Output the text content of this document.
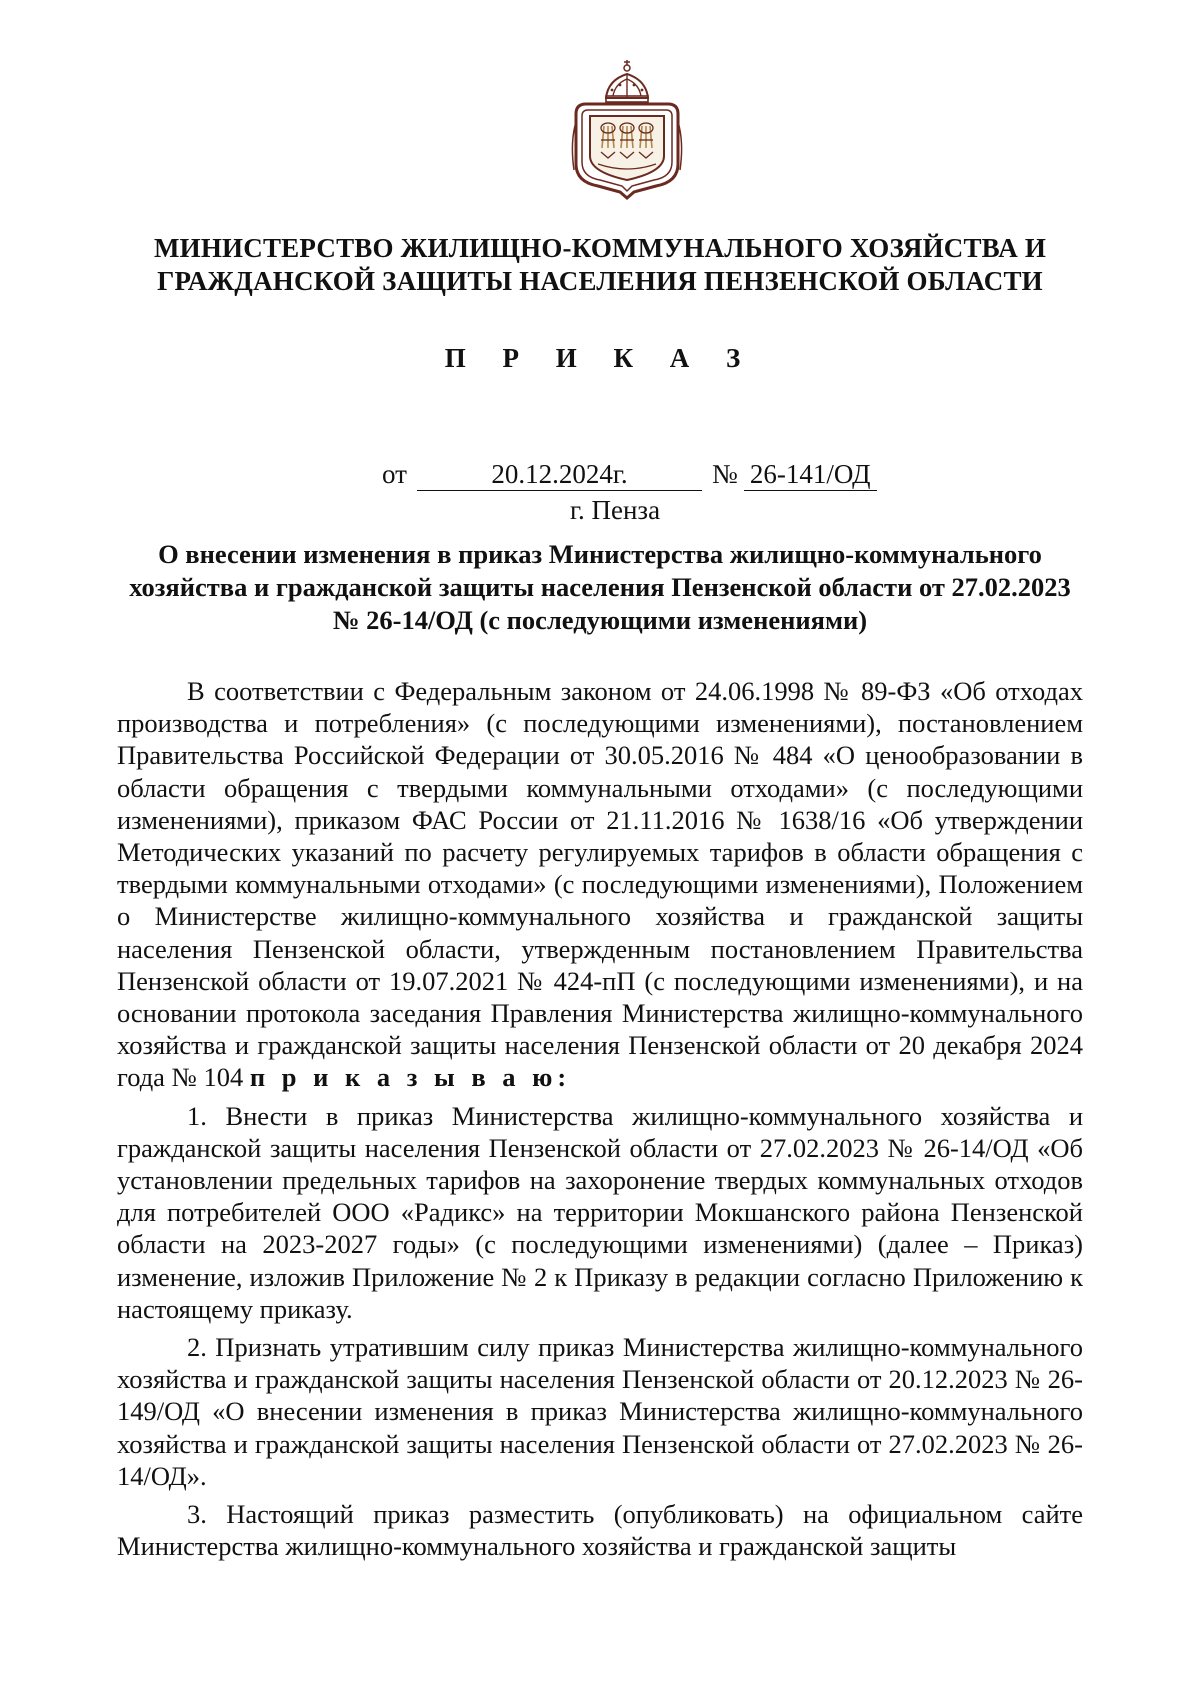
МИНИСТЕРСТВО ЖИЛИЩНО-КОММУНАЛЬНОГО ХОЗЯЙСТВА И
ГРАЖДАНСКОЙ ЗАЩИТЫ НАСЕЛЕНИЯ ПЕНЗЕНСКОЙ ОБЛАСТИ
П Р И К А З
от	20.12.2024г.	№ 26-141/ОД
г. Пенза
О внесении изменения в приказ Министерства жилищно-коммунального
хозяйства и гражданской защиты населения Пензенской области от 27.02.2023
№ 26-14/ОД (с последующими изменениями)

В соответствии с Федеральным законом от 24.06.1998 № 89-ФЗ «Об отходах производства и потребления» (с последующими изменениями), постановлением Правительства Российской Федерации от 30.05.2016 № 484 «О ценообразовании в области обращения с твердыми коммунальными отходами» (с последующими изменениями), приказом ФАС России от 21.11.2016 № 1638/16 «Об утверждении Методических указаний по расчету регулируемых тарифов в области обращения с твердыми коммунальными отходами» (с последующими изменениями), Положением о Министерстве жилищно-коммунального хозяйства и гражданской защиты населения Пензенской области, утвержденным постановлением Правительства Пензенской области от 19.07.2021 № 424-пП (с последующими изменениями), и на основании протокола заседания Правления Министерства жилищно-коммунального хозяйства и гражданской защиты населения Пензенской области от 20 декабря 2024 года № 104 п р и к а з ы в а ю:

1. Внести в приказ Министерства жилищно-коммунального хозяйства и гражданской защиты населения Пензенской области от 27.02.2023 № 26-14/ОД «Об установлении предельных тарифов на захоронение твердых коммунальных отходов для потребителей ООО «Радикс» на территории Мокшанского района Пензенской области на 2023-2027 годы» (с последующими изменениями) (далее – Приказ) изменение, изложив Приложение № 2 к Приказу в редакции согласно Приложению к настоящему приказу.

2. Признать утратившим силу приказ Министерства жилищно-коммунального хозяйства и гражданской защиты населения Пензенской области от 20.12.2023 № 26-149/ОД «О внесении изменения в приказ Министерства жилищно-коммунального хозяйства и гражданской защиты населения Пензенской области от 27.02.2023 № 26-14/ОД».

3. Настоящий приказ разместить (опубликовать) на официальном сайте Министерства жилищно-коммунального хозяйства и гражданской защиты
